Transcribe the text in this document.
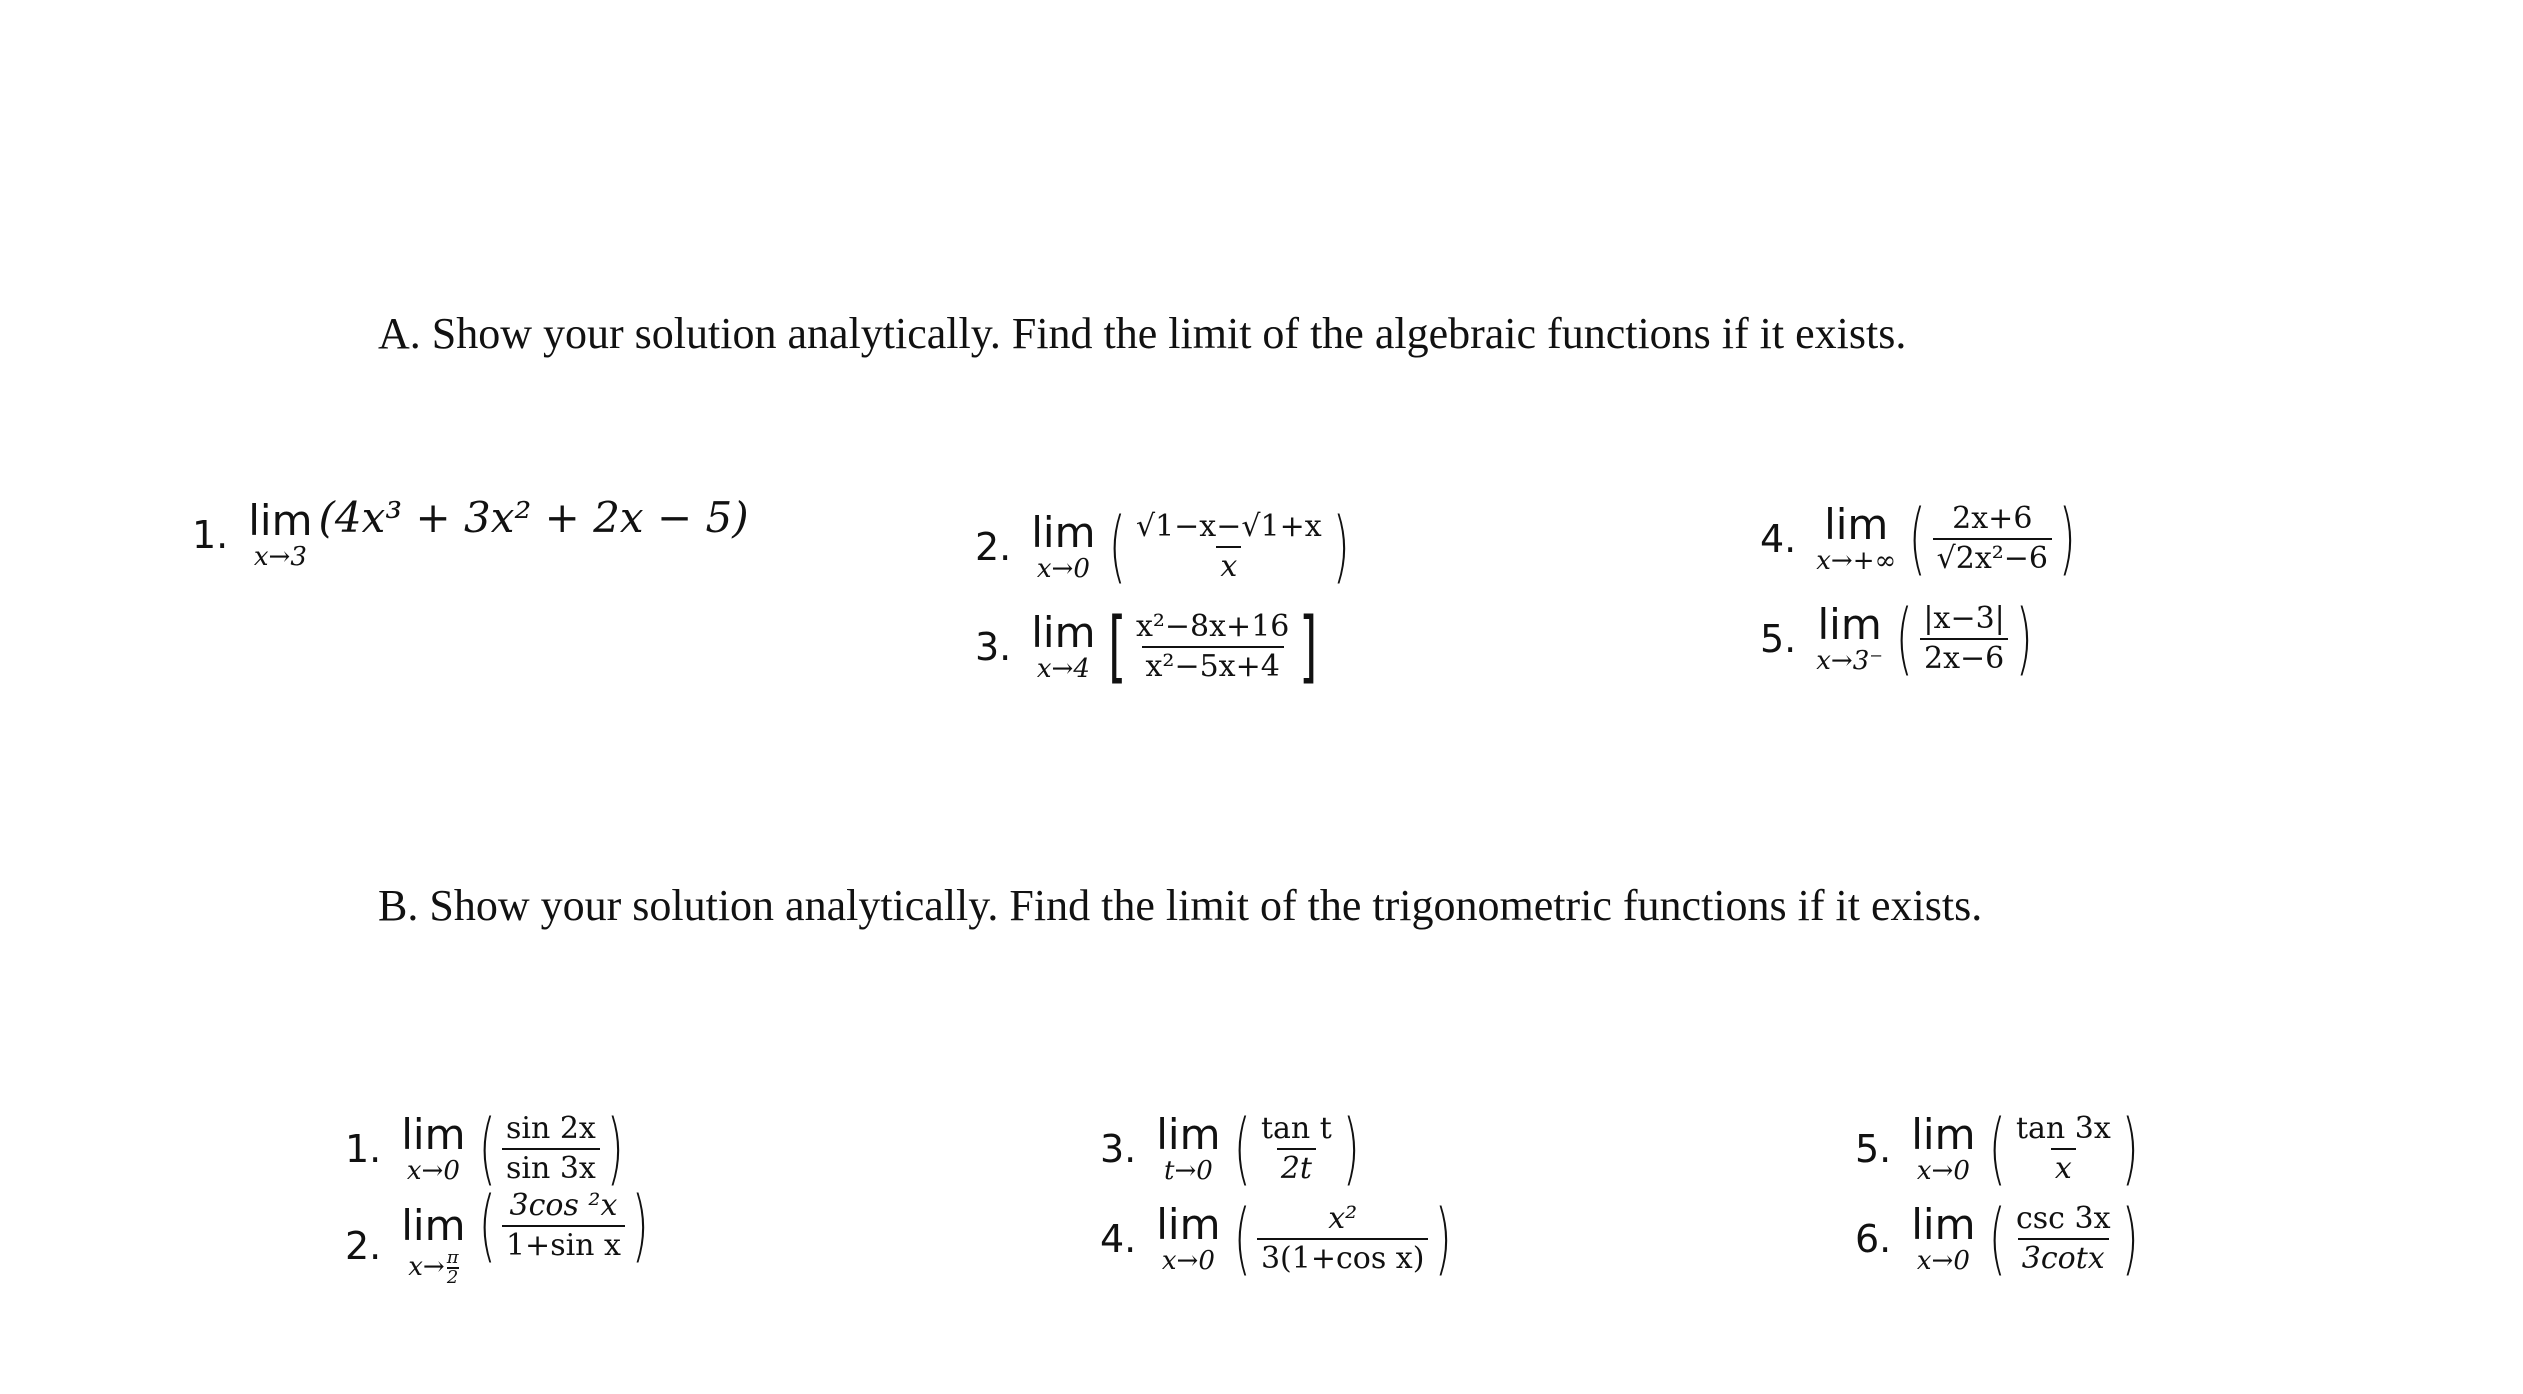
A. Show your solution analytically. Find the limit of the algebraic functions if it exists.
1. lim
x→3
(4x³ + 3x² + 2x − 5)
2. lim
x→0 ( $\frac{√1-x-√1+x}{x}$ )
3. lim
x→4 [ $\frac{\text{x²−8x+16}}{\text{x²−5x+4}}$ ]
4. lim
x→+∞ ( $\frac{2x+6}{\text{√2x²−6}}$ )
5. lim
x→3⁻ ( $\frac{|x-3|}{2x-6}$ )
B. Show your solution analytically. Find the limit of the trigonometric functions if it exists.
1. lim
x→0 ( $\frac{\sin 2x}{\sin 3x}$ )
2. lim
$x\to \frac{\pi}{2}$ ( $\frac{\text{3cos ²x}}{\text{1+sin x}}$ )
3. lim
t→0 ( $\frac{\text{tan t}}{2t}$ )
4. lim
x→0 ( $\frac{\text{x²}}{\text{3(1+cos x)}}$ )
5. lim
x→0 ( $\frac{\tan 3x}{x}$ )
6. lim
x→0 ( $\frac{\csc 3x}{3\cot x}$ )
